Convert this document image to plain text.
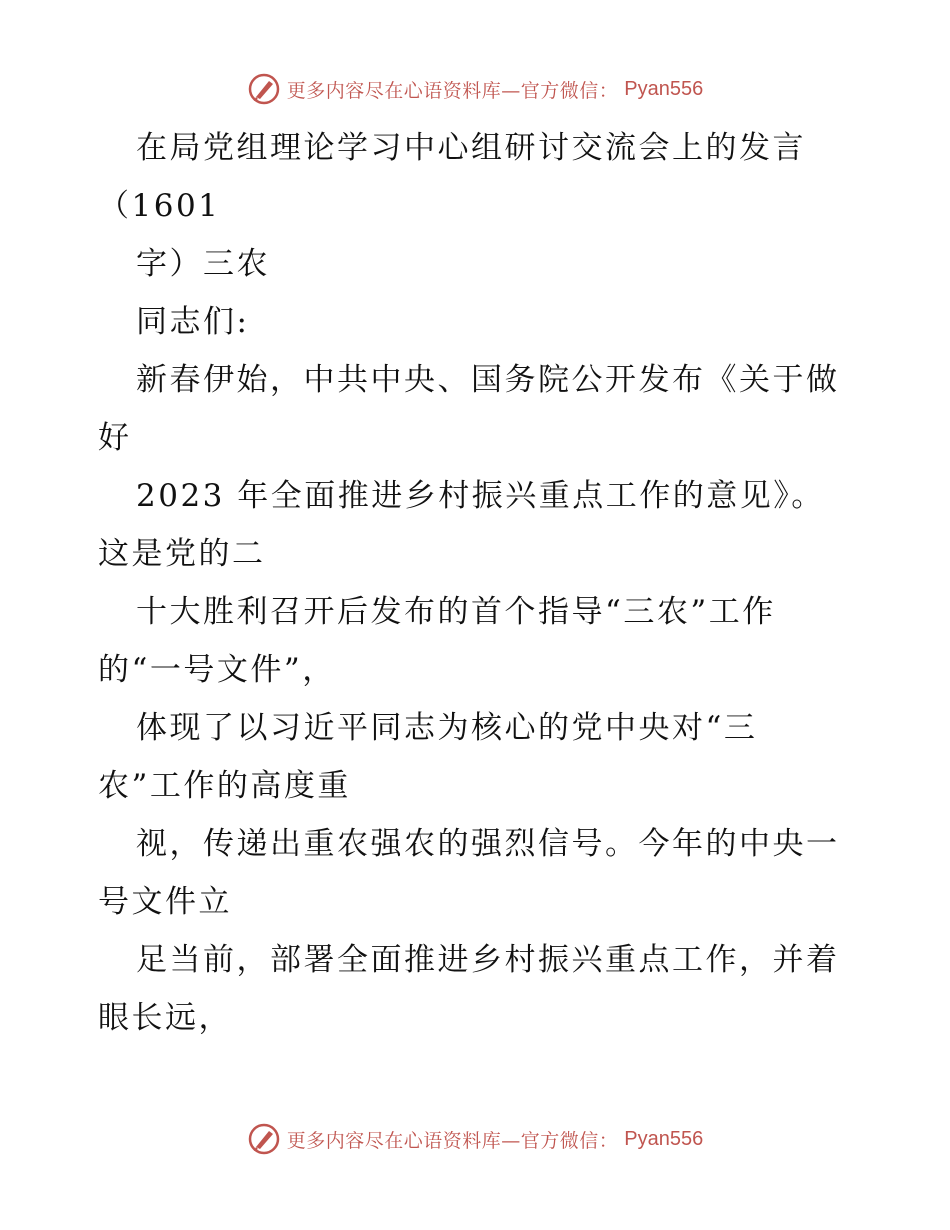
更多内容尽在心语资料库—官方微信： Pyan556
在局党组理论学习中心组研讨交流会上的发言
（1601
字）三农
同志们:
新春伊始，中共中央、国务院公开发布《关于做
好
2023 年全面推进乡村振兴重点工作的意见》。
这是党的二
十大胜利召开后发布的首个指导“三农”工作
的“一号文件”，
体现了以习近平同志为核心的党中央对“三
农”工作的高度重
视，传递出重农强农的强烈信号。今年的中央一
号文件立
足当前，部署全面推进乡村振兴重点工作，并着
眼长远，
更多内容尽在心语资料库—官方微信： Pyan556
